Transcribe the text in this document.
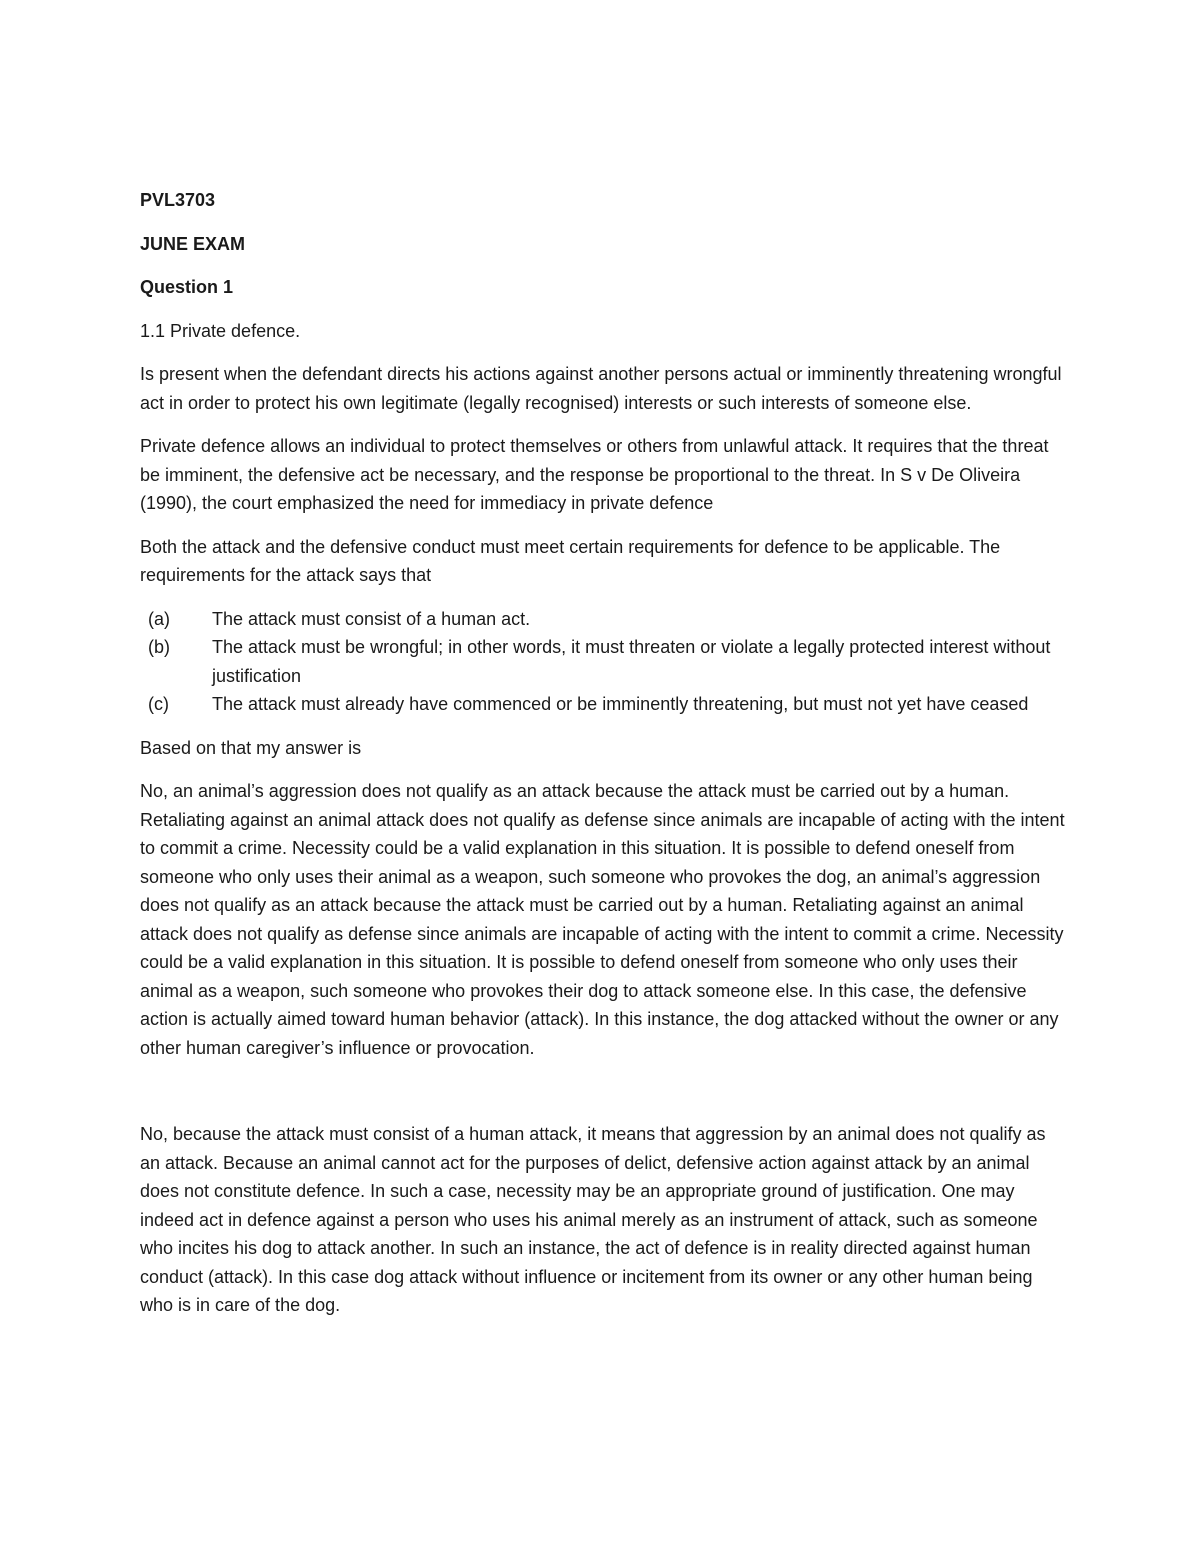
PVL3703

JUNE EXAM

Question 1

1.1 Private defence.

Is present when the defendant directs his actions against another persons actual or imminently threatening wrongful act in order to protect his own legitimate (legally recognised) interests or such interests of someone else.

Private defence allows an individual to protect themselves or others from unlawful attack. It requires that the threat be imminent, the defensive act be necessary, and the response be proportional to the threat. In S v De Oliveira (1990), the court emphasized the need for immediacy in private defence

Both the attack and the defensive conduct must meet certain requirements for defence to be applicable. The requirements for the attack says that

(a) The attack must consist of a human act.
(b) The attack must be wrongful; in other words, it must threaten or violate a legally protected interest without justification
(c) The attack must already have commenced or be imminently threatening, but must not yet have ceased

Based on that my answer is

No, an animal’s aggression does not qualify as an attack because the attack must be carried out by a human. Retaliating against an animal attack does not qualify as defense since animals are incapable of acting with the intent to commit a crime. Necessity could be a valid explanation in this situation. It is possible to defend oneself from someone who only uses their animal as a weapon, such someone who provokes the dog, an animal’s aggression does not qualify as an attack because the attack must be carried out by a human. Retaliating against an animal attack does not qualify as defense since animals are incapable of acting with the intent to commit a crime. Necessity could be a valid explanation in this situation. It is possible to defend oneself from someone who only uses their animal as a weapon, such someone who provokes their dog to attack someone else. In this case, the defensive action is actually aimed toward human behavior (attack). In this instance, the dog attacked without the owner or any other human caregiver’s influence or provocation.

No, because the attack must consist of a human attack, it means that aggression by an animal does not qualify as an attack. Because an animal cannot act for the purposes of delict, defensive action against attack by an animal does not constitute defence. In such a case, necessity may be an appropriate ground of justification. One may indeed act in defence against a person who uses his animal merely as an instrument of attack, such as someone who incites his dog to attack another. In such an instance, the act of defence is in reality directed against human conduct (attack). In this case dog attack without influence or incitement from its owner or any other human being who is in care of the dog.
